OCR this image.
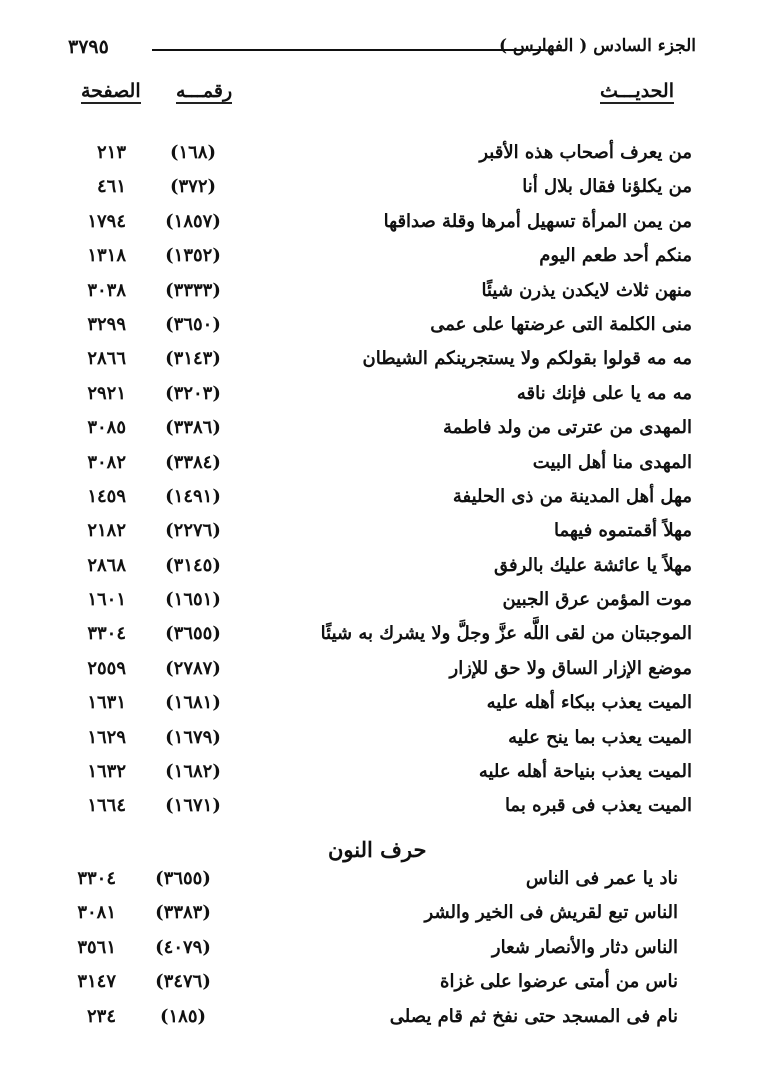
الجزء السادس ( الفهارس )
٣٧٩٥
الحديـــث
رقمـــه
الصفحة
من يعرف أصحاب هذه الأقبر
(١٦٨)
٢١٣
من يكلؤنا فقال بلال أنا
(٣٧٢)
٤٦١
من يمن المرأة تسهيل أمرها وقلة صداقها
(١٨٥٧)
١٧٩٤
منكم أحد طعم اليوم
(١٣٥٢)
١٣١٨
منهن ثلاث لايكدن يذرن شيئًا
(٣٣٣٣)
٣٠٣٨
منى الكلمة التى عرضتها على عمى
(٣٦٥٠)
٣٢٩٩
مه مه قولوا بقولكم ولا يستجرينكم الشيطان
(٣١٤٣)
٢٨٦٦
مه مه يا على فإنك ناقه
(٣٢٠٣)
٢٩٢١
المهدى من عترتى من ولد فاطمة
(٣٣٨٦)
٣٠٨٥
المهدى منا أهل البيت
(٣٣٨٤)
٣٠٨٢
مهل أهل المدينة من ذى الحليفة
(١٤٩١)
١٤٥٩
مهلاً أقمتموه فيهما
(٢٢٧٦)
٢١٨٢
مهلاً يا عائشة عليك بالرفق
(٣١٤٥)
٢٨٦٨
موت المؤمن عرق الجبين
(١٦٥١)
١٦٠١
الموجبتان من لقى اللَّه عزَّ وجلَّ ولا يشرك به شيئًا
(٣٦٥٥)
٣٣٠٤
موضع الإزار الساق ولا حق للإزار
(٢٧٨٧)
٢٥٥٩
الميت يعذب ببكاء أهله عليه
(١٦٨١)
١٦٣١
الميت يعذب بما ينح عليه
(١٦٧٩)
١٦٢٩
الميت يعذب بنياحة أهله عليه
(١٦٨٢)
١٦٣٢
الميت يعذب فى قبره بما
(١٦٧١)
١٦٦٤
حرف النون
ناد يا عمر فى الناس
(٣٦٥٥)
٣٣٠٤
الناس تبع لقريش فى الخير والشر
(٣٣٨٣)
٣٠٨١
الناس دثار والأنصار شعار
(٤٠٧٩)
٣٥٦١
ناس من أمتى عرضوا على غزاة
(٣٤٧٦)
٣١٤٧
نام فى المسجد حتى نفخ ثم قام يصلى
(١٨٥)
٢٣٤
